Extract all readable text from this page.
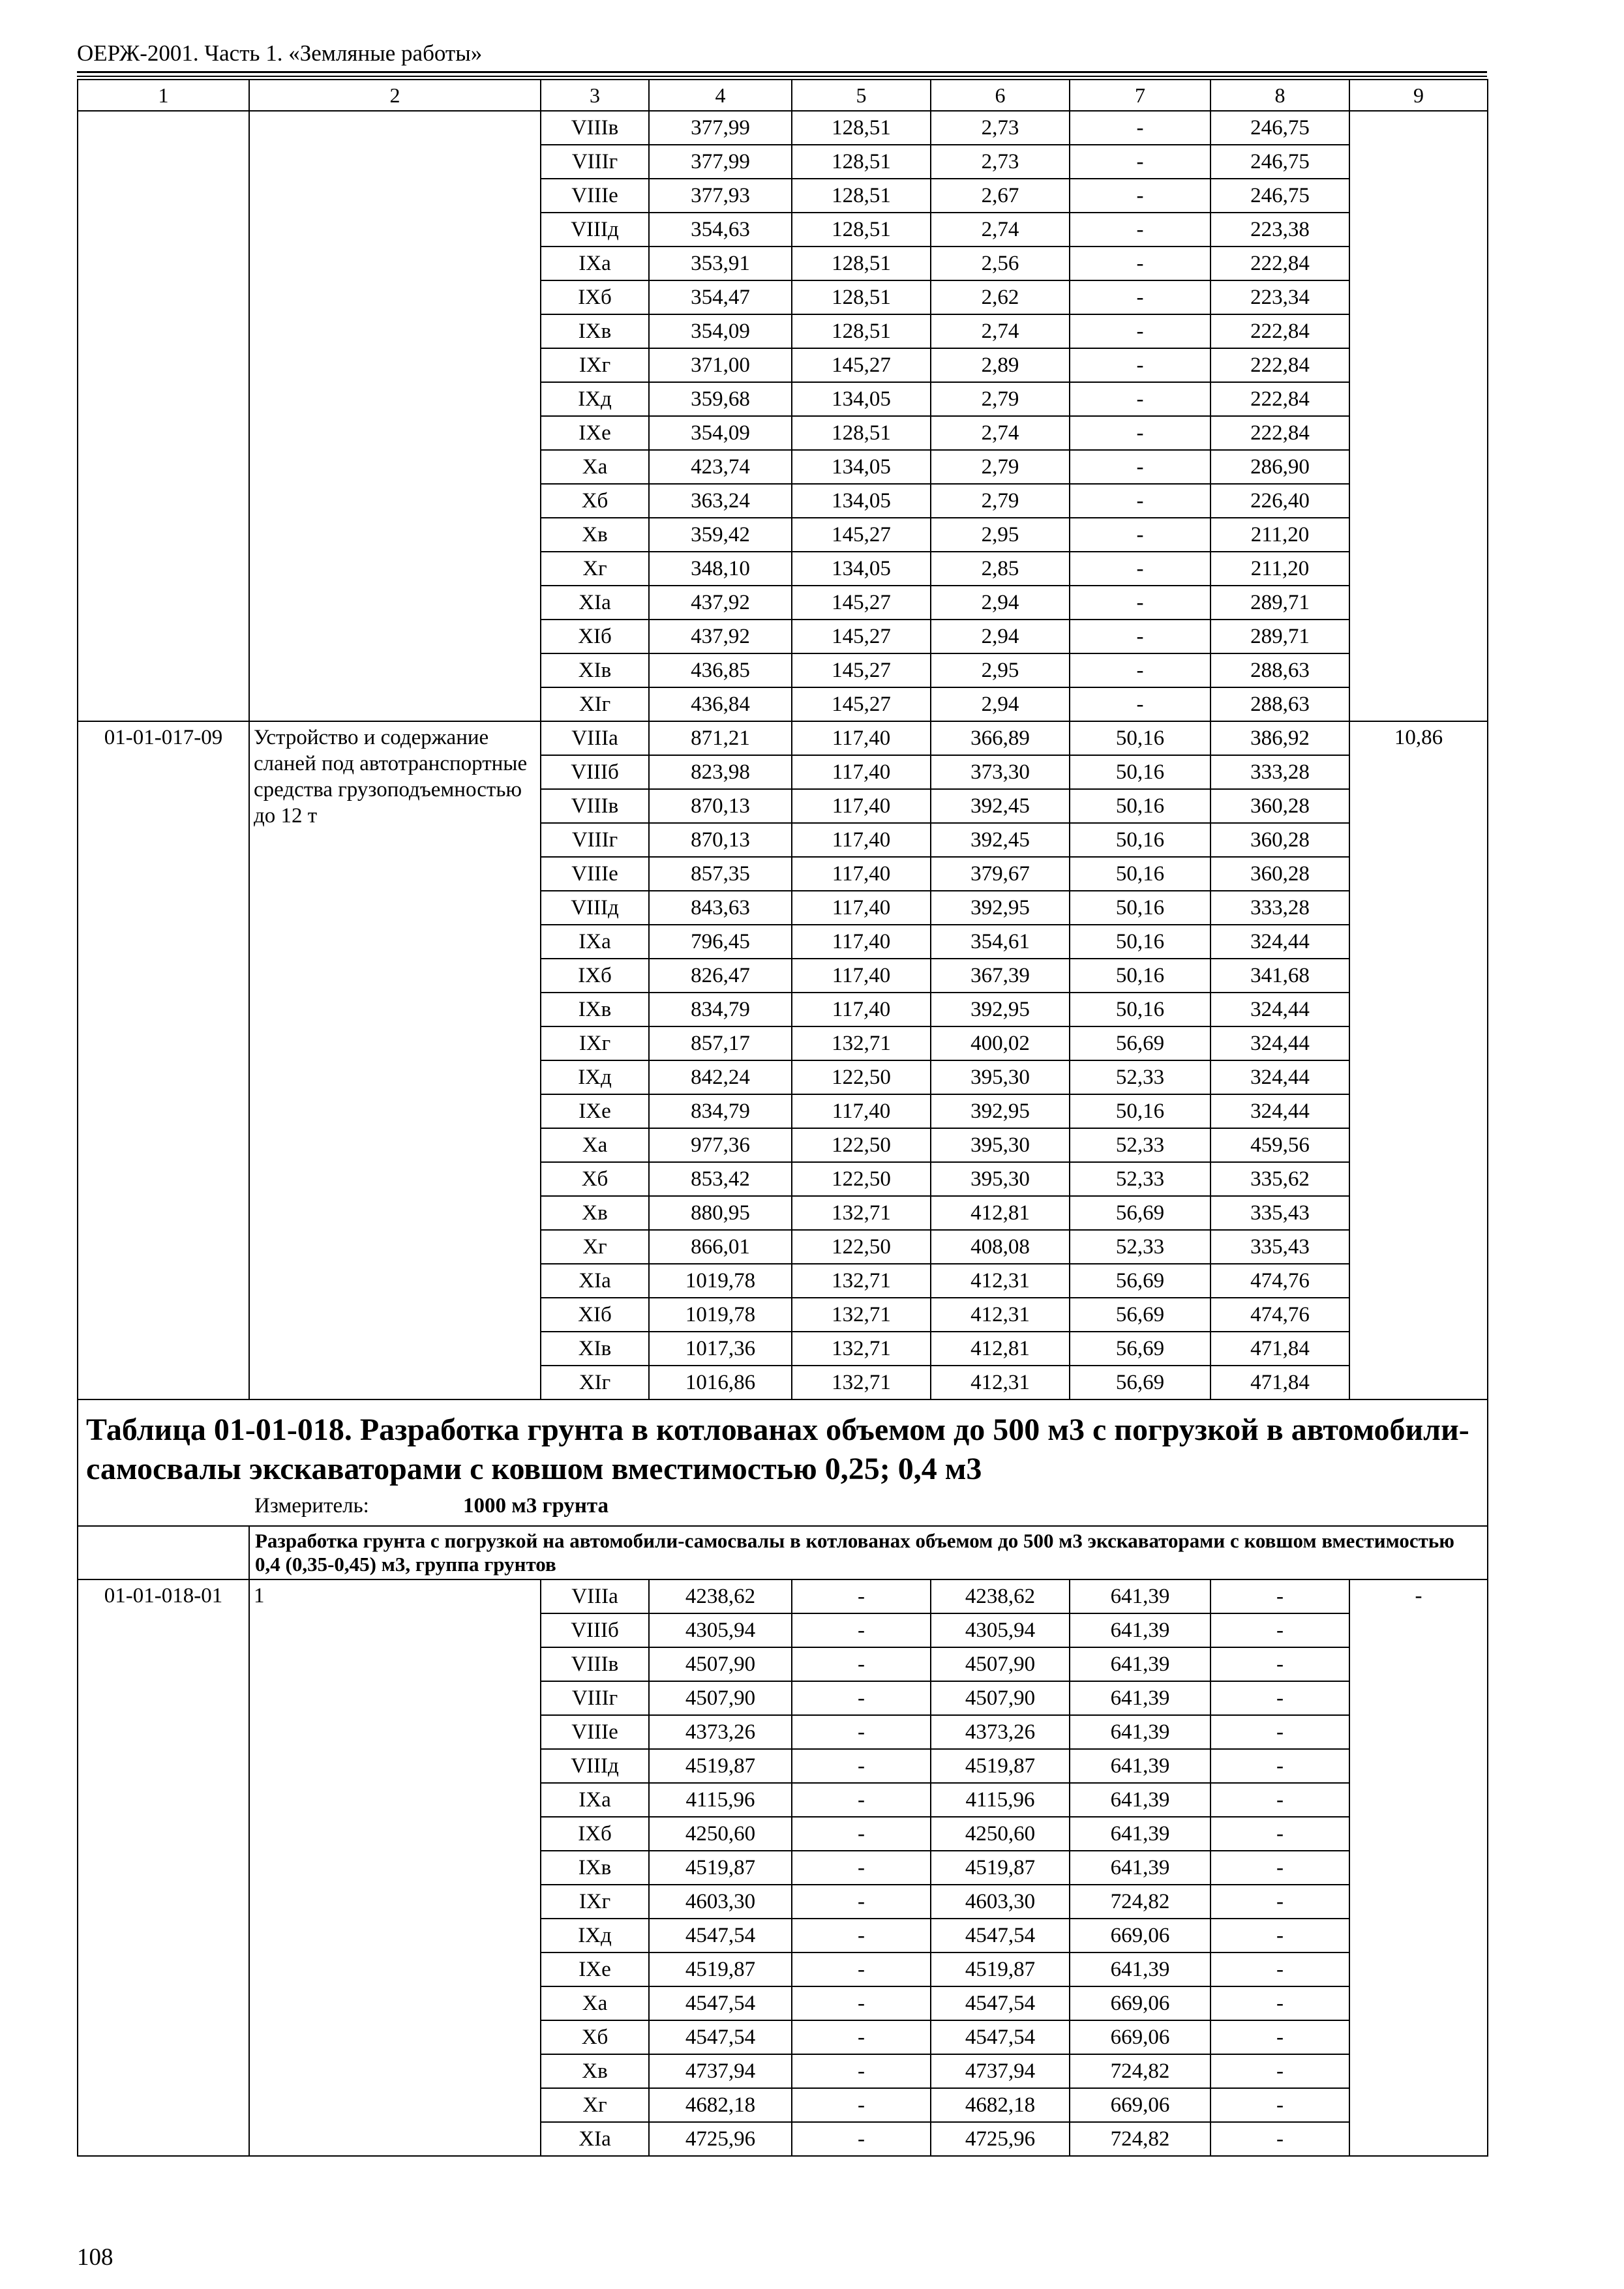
ОЕРЖ-2001. Часть 1. «Земляные работы»
1	2	3	4	5	6	7	8	9
		VIIIв	377,99	128,51	2,73	-	246,75	
		VIIIг	377,99	128,51	2,73	-	246,75	
		VIIIе	377,93	128,51	2,67	-	246,75	
		VIIIд	354,63	128,51	2,74	-	223,38	
		IXа	353,91	128,51	2,56	-	222,84	
		IXб	354,47	128,51	2,62	-	223,34	
		IXв	354,09	128,51	2,74	-	222,84	
		IXг	371,00	145,27	2,89	-	222,84	
		IXд	359,68	134,05	2,79	-	222,84	
		IXе	354,09	128,51	2,74	-	222,84	
		Xа	423,74	134,05	2,79	-	286,90	
		Xб	363,24	134,05	2,79	-	226,40	
		Xв	359,42	145,27	2,95	-	211,20	
		Xг	348,10	134,05	2,85	-	211,20	
		XIа	437,92	145,27	2,94	-	289,71	
		XIб	437,92	145,27	2,94	-	289,71	
		XIв	436,85	145,27	2,95	-	288,63	
		XIг	436,84	145,27	2,94	-	288,63	
01-01-017-09	Устройство и содержание сланей под автотранспортные средства грузоподъемностью до 12 т	VIIIа	871,21	117,40	366,89	50,16	386,92	10,86
		VIIIб	823,98	117,40	373,30	50,16	333,28	
		VIIIв	870,13	117,40	392,45	50,16	360,28	
		VIIIг	870,13	117,40	392,45	50,16	360,28	
		VIIIе	857,35	117,40	379,67	50,16	360,28	
		VIIIд	843,63	117,40	392,95	50,16	333,28	
		IXа	796,45	117,40	354,61	50,16	324,44	
		IXб	826,47	117,40	367,39	50,16	341,68	
		IXв	834,79	117,40	392,95	50,16	324,44	
		IXг	857,17	132,71	400,02	56,69	324,44	
		IXд	842,24	122,50	395,30	52,33	324,44	
		IXе	834,79	117,40	392,95	50,16	324,44	
		Xа	977,36	122,50	395,30	52,33	459,56	
		Xб	853,42	122,50	395,30	52,33	335,62	
		Xв	880,95	132,71	412,81	56,69	335,43	
		Xг	866,01	122,50	408,08	52,33	335,43	
		XIа	1019,78	132,71	412,31	56,69	474,76	
		XIб	1019,78	132,71	412,31	56,69	474,76	
		XIв	1017,36	132,71	412,81	56,69	471,84	
		XIг	1016,86	132,71	412,31	56,69	471,84	

Таблица 01-01-018. Разработка грунта в котлованах объемом до 500 м3 с погрузкой в автомобили-самосвалы экскаваторами с ковшом вместимостью 0,25; 0,4 м3
Измеритель: 1000 м3 грунта								

	Разработка грунта с погрузкой на автомобили-самосвалы в котлованах объемом до 500 м3 экскаваторами с ковшом вместимостью 0,4 (0,35-0,45) м3, группа грунтов							
01-01-018-01	1	VIIIа	4238,62	-	4238,62	641,39	-	-
		VIIIб	4305,94	-	4305,94	641,39	-	
		VIIIв	4507,90	-	4507,90	641,39	-	
		VIIIг	4507,90	-	4507,90	641,39	-	
		VIIIе	4373,26	-	4373,26	641,39	-	
		VIIIд	4519,87	-	4519,87	641,39	-	
		IXа	4115,96	-	4115,96	641,39	-	
		IXб	4250,60	-	4250,60	641,39	-	
		IXв	4519,87	-	4519,87	641,39	-	
		IXг	4603,30	-	4603,30	724,82	-	
		IXд	4547,54	-	4547,54	669,06	-	
		IXе	4519,87	-	4519,87	641,39	-	
		Xа	4547,54	-	4547,54	669,06	-	
		Xб	4547,54	-	4547,54	669,06	-	
		Xв	4737,94	-	4737,94	724,82	-	
		Xг	4682,18	-	4682,18	669,06	-	
		XIа	4725,96	-	4725,96	724,82	-	
108
